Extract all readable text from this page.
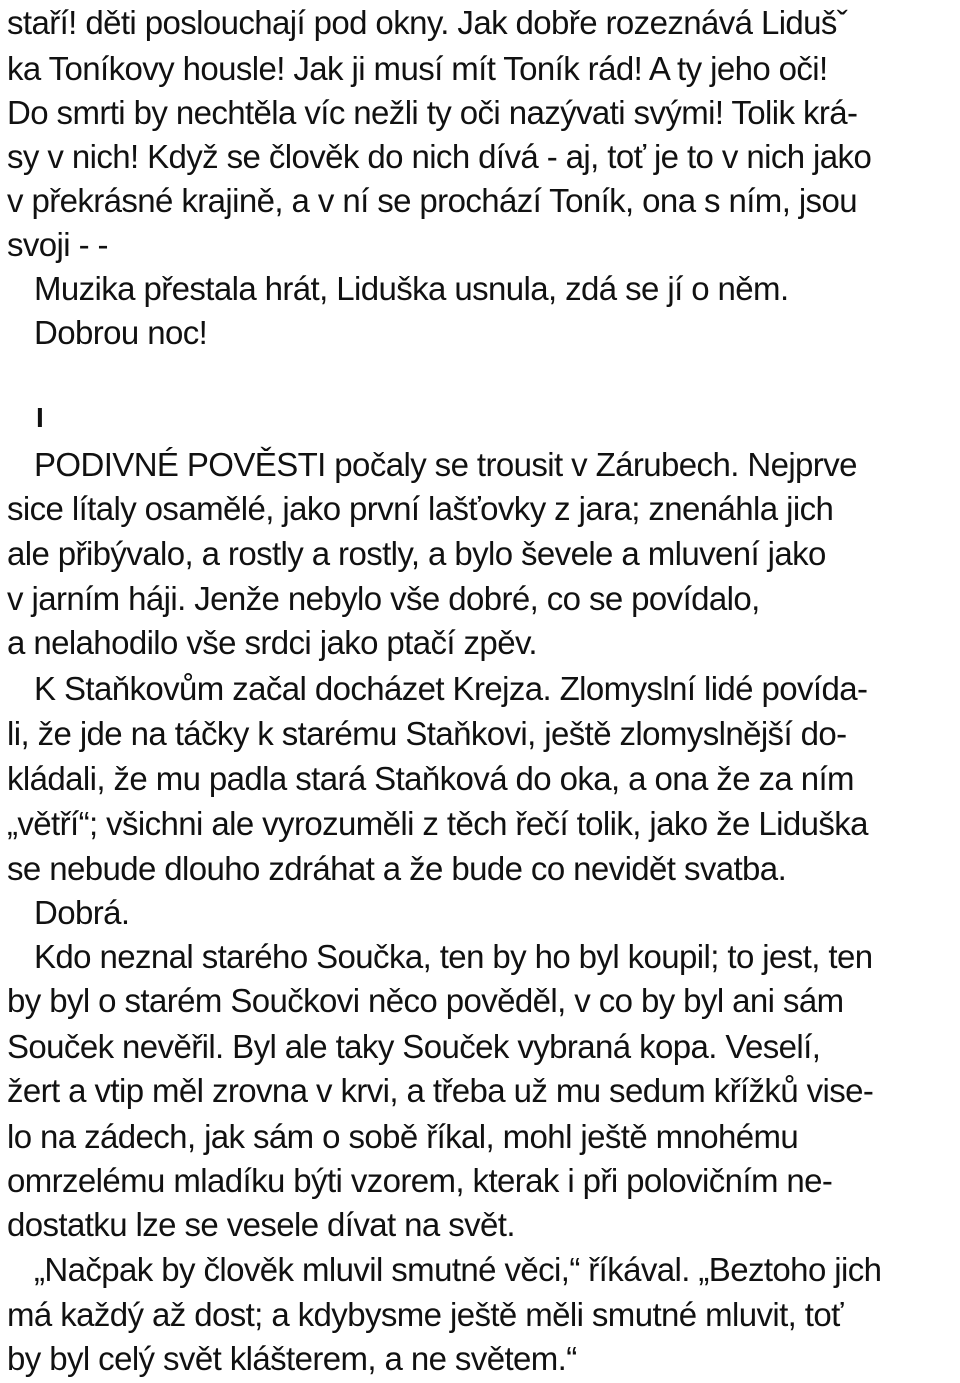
staří! děti poslouchají pod okny. Jak dobře rozeznává Lidušˇ
ka Toníkovy housle! Jak ji musí mít Toník rád! A ty jeho oči!
Do smrti by nechtěla víc nežli ty oči nazývati svými! Tolik krá-
sy v nich! Když se člověk do nich dívá - aj, toť je to v nich jako
v překrásné krajině, a v ní se prochází Toník, ona s ním, jsou
svoji - -
Muzika přestala hrát, Liduška usnula, zdá se jí o něm.
Dobrou noc!
I
PODIVNÉ POVĚSTI počaly se trousit v Zárubech. Nejprve
sice lítaly osamělé, jako první lašťovky z jara; znenáhla jich
ale přibývalo, a rostly a rostly, a bylo ševele a mluvení jako
v jarním háji. Jenže nebylo vše dobré, co se povídalo,
a nelahodilo vše srdci jako ptačí zpěv.
K Staňkovům začal docházet Krejza. Zlomyslní lidé povída-
li, že jde na táčky k starému Staňkovi, ještě zlomyslnější do-
kládali, že mu padla stará Staňková do oka, a ona že za ním
„větří“; všichni ale vyrozuměli z těch řečí tolik, jako že Liduška
se nebude dlouho zdráhat a že bude co nevidět svatba.
Dobrá.
Kdo neznal starého Součka, ten by ho byl koupil; to jest, ten
by byl o starém Součkovi něco pověděl, v co by byl ani sám
Souček nevěřil. Byl ale taky Souček vybraná kopa. Veselí,
žert a vtip měl zrovna v krvi, a třeba už mu sedum křížků vise-
lo na zádech, jak sám o sobě říkal, mohl ještě mnohému
omrzelému mladíku býti vzorem, kterak i při polovičním ne-
dostatku lze se vesele dívat na svět.
„Načpak by člověk mluvil smutné věci,“ říkával. „Beztoho jich
má každý až dost; a kdybysme ještě měli smutné mluvit, toť
by byl celý svět klášterem, a ne světem.“
